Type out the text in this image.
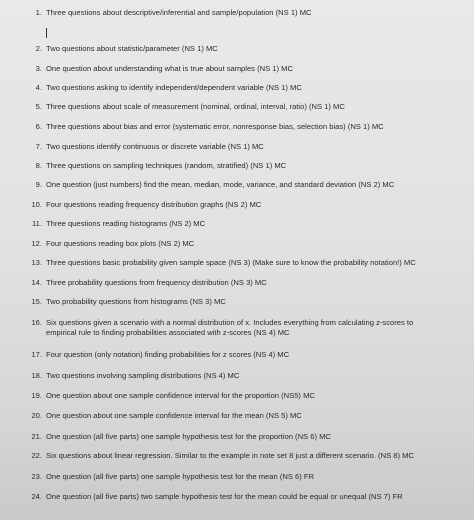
1. Three questions about descriptive/inferential and sample/population (NS 1) MC
2. Two questions about statistic/parameter (NS 1) MC
3. One question about understanding what is true about samples (NS 1) MC
4. Two questions asking to identify independent/dependent variable (NS 1) MC
5. Three questions about scale of measurement (nominal, ordinal, interval, ratio) (NS 1) MC
6. Three questions about bias and error (systematic error, nonresponse bias, selection bias) (NS 1) MC
7. Two questions identify continuous or discrete variable (NS 1) MC
8. Three questions on sampling techniques (random, stratified) (NS 1) MC
9. One question (just numbers) find the mean, median, mode, variance, and standard deviation (NS 2) MC
10. Four questions reading frequency distribution graphs (NS 2) MC
11. Three questions reading histograms (NS 2) MC
12. Four questions reading box plots (NS 2) MC
13. Three questions basic probability given sample space (NS 3) (Make sure to know the probability notation!) MC
14. Three probability questions from frequency distribution (NS 3) MC
15. Two probability questions from histograms (NS 3) MC
16. Six questions given a scenario with a normal distribution of x. Includes everything from calculating z-scores to
empirical rule to finding probabilities associated with z-scores (NS 4) MC
17. Four question (only notation) finding probabilities for z scores (NS 4) MC
18. Two questions involving sampling distributions (NS 4) MC
19. One question about one sample confidence interval for the proportion (NS5) MC
20. One question about one sample confidence interval for the mean (NS 5) MC
21. One question (all five parts) one sample hypothesis test for the proportion (NS 6) MC
22. Six questions about linear regression. Similar to the example in note set 8 just a different scenario. (NS 8) MC
23. One question (all five parts) one sample hypothesis test for the mean (NS 6) FR
24. One question (all five parts) two sample hypothesis test for the mean could be equal or unequal (NS 7) FR
